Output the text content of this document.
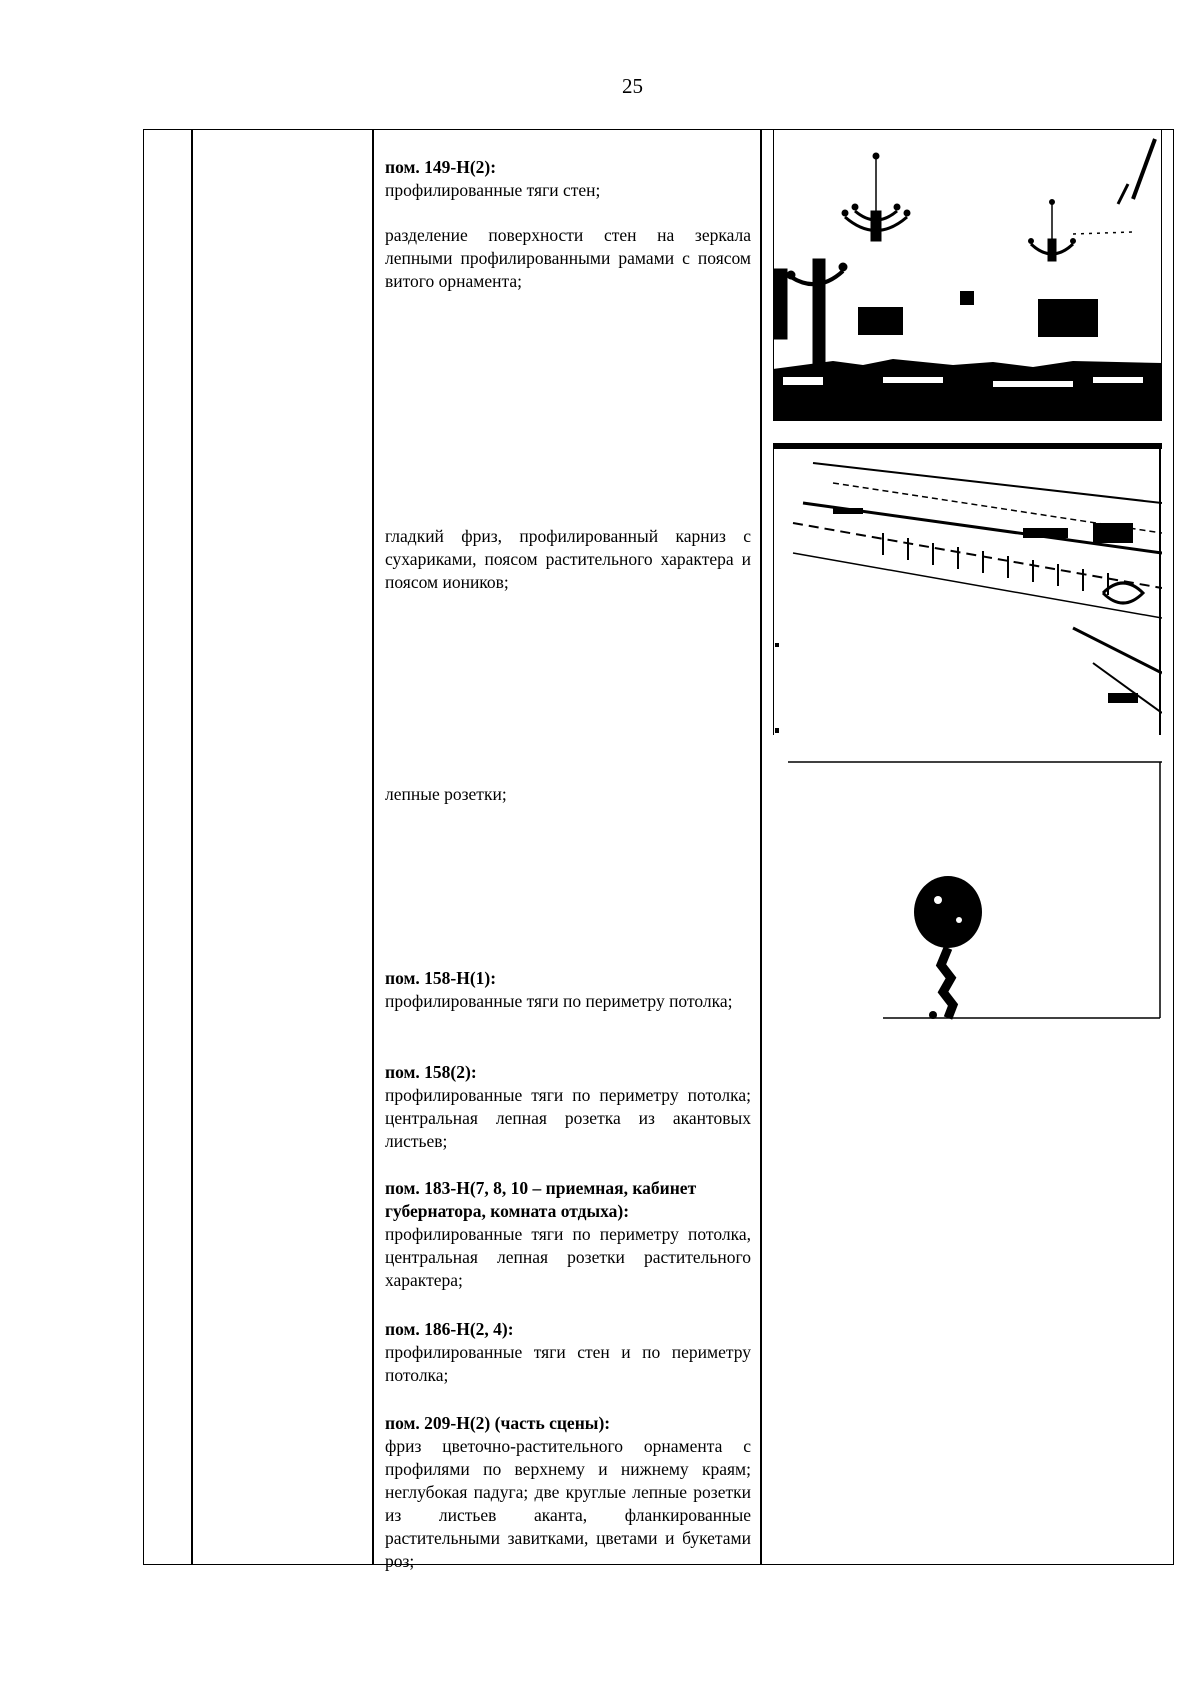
25
пом. 149-Н(2):
профилированные тяги стен;
разделение поверхности стен на зеркала лепными профилированными рамами с поясом витого орнамента;
гладкий фриз, профилированный карниз с сухариками, поясом растительного характера и поясом иоников;
лепные розетки;
пом. 158-Н(1):
профилированные тяги по периметру потолка;
пом. 158(2):
профилированные тяги по периметру потолка; центральная лепная розетка из акантовых листьев;
пом. 183-Н(7, 8, 10 – приемная, кабинет губернатора, комната отдыха):
профилированные тяги по периметру потолка, центральная лепная розетки растительного характера;
пом. 186-Н(2, 4):
профилированные тяги стен и по периметру потолка;
пом. 209-Н(2) (часть сцены):
фриз цветочно-растительного орнамента с профилями по верхнему и нижнему краям; неглубокая падуга; две круглые лепные розетки из листьев аканта, фланкированные растительными завитками, цветами и букетами роз;
